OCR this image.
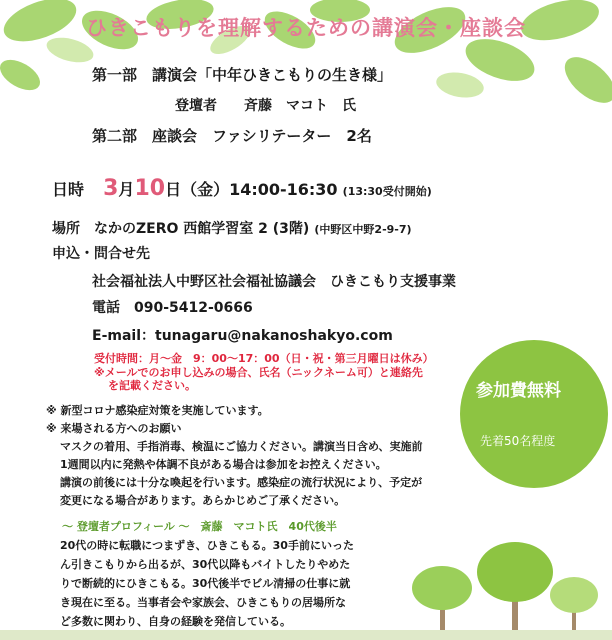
ひきこもりを理解するための講演会・座談会
第一部　講演会「中年ひきこもりの生き様」
登壇者 斉藤　マコト　氏
第二部　座談会　ファシリテーター　2名
日時 3月10日（金）14:00-16:30 (13:30受付開始)
場所　なかのZERO 西館学習室 2 (3階) (中野区中野2-9-7)
申込・問合せ先
社会福祉法人中野区社会福祉協議会　ひきこもり支援事業
電話　090-5412-0666
E-mail：tunagaru@nakanoshakyo.com
受付時間：月〜金　9：00〜17：00（日・祝・第三月曜日は休み）
※メールでのお申し込みの場合、氏名（ニックネーム可）と連絡先
を記載ください。	参加費無料
先着50名程度
※ 新型コロナ感染症対策を実施しています。
※ 来場される方へのお願い
マスクの着用、手指消毒、検温にご協力ください。講演当日含め、実施前
1週間以内に発熱や体調不良がある場合は参加をお控えください。
講演の前後には十分な喚起を行います。感染症の流行状況により、予定が
変更になる場合があります。あらかじめご了承ください。
〜 登壇者プロフィール 〜　斎藤　マコト氏　40代後半
20代の時に転職につまずき、ひきこもる。30手前にいった
ん引きこもりから出るが、30代以降もバイトしたりやめた
りで断続的にひきこもる。30代後半でビル清掃の仕事に就
き現在に至る。当事者会や家族会、ひきこもりの居場所な
ど多数に関わり、自身の経験を発信している。
